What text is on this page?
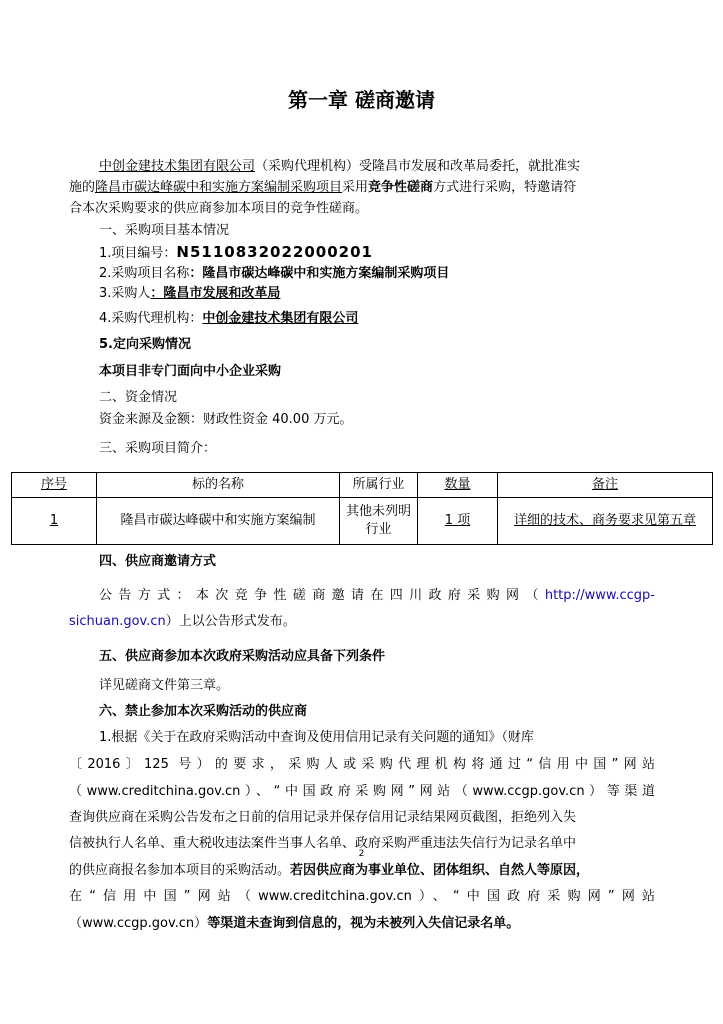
第一章 磋商邀请
中创金建技术集团有限公司（采购代理机构）受隆昌市发展和改革局委托，就批准实
施的隆昌市碳达峰碳中和实施方案编制采购项目采用竞争性磋商方式进行采购，特邀请符
合本次采购要求的供应商参加本项目的竞争性磋商。
一、采购项目基本情况
1.项目编号：N5110832022000201
2.采购项目名称：隆昌市碳达峰碳中和实施方案编制采购项目
3.采购人：隆昌市发展和改革局
4.采购代理机构：中创金建技术集团有限公司
5.定向采购情况
本项目非专门面向中小企业采购
二、资金情况
资金来源及金额：财政性资金 40.00 万元。
三、采购项目简介：
序号	标的名称	所属行业	数量	备注
1	隆昌市碳达峰碳中和实施方案编制	其他未列明行业	1 项	详细的技术、商务要求见第五章
四、供应商邀请方式
公告方式：本次竞争性磋商邀请在四川政府采购网（http://www.ccgp-
sichuan.gov.cn）上以公告形式发布。
五、供应商参加本次政府采购活动应具备下列条件
详见磋商文件第三章。
六、禁止参加本次采购活动的供应商
1.根据《关于在政府采购活动中查询及使用信用记录有关问题的通知》（财库
〔2016〕125 号）的要求，采购人或采购代理机构将通过“信用中国”网站
（www.creditchina.gov.cn）、“中国政府采购网”网站（www.ccgp.gov.cn）等渠道
查询供应商在采购公告发布之日前的信用记录并保存信用记录结果网页截图，拒绝列入失
信被执行人名单、重大税收违法案件当事人名单、政府采购严重违法失信行为记录名单中
的供应商报名参加本项目的采购活动。若因供应商为事业单位、团体组织、自然人等原因，
在“信用中国”网站（www.creditchina.gov.cn）、“中国政府采购网”网站
（www.ccgp.gov.cn）等渠道未查询到信息的，视为未被列入失信记录名单。
2
